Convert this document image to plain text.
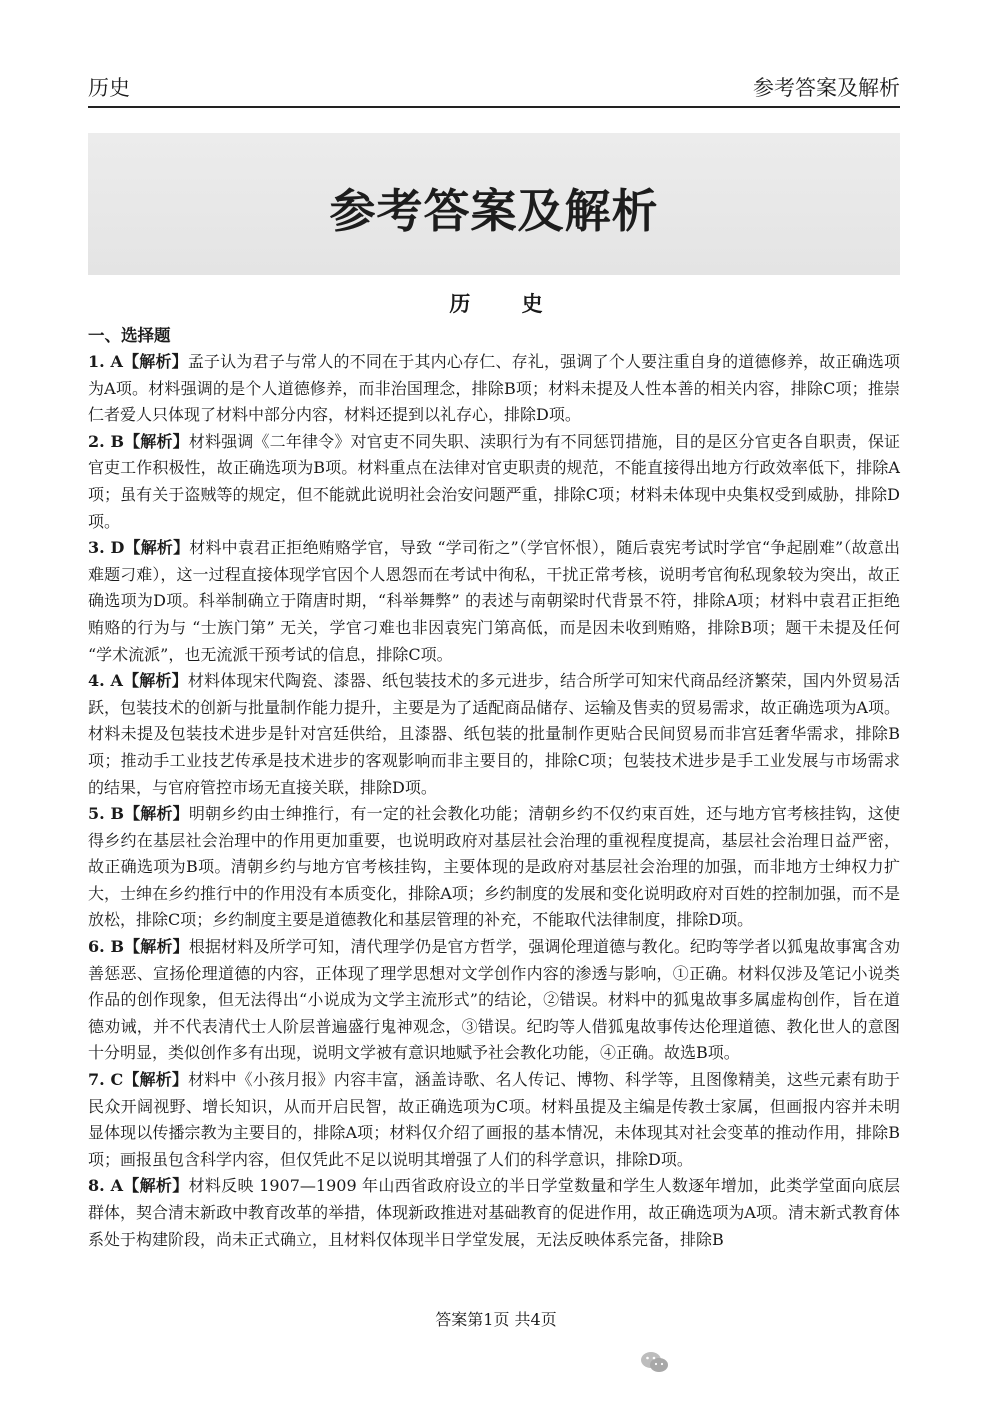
历史	参考答案及解析
参考答案及解析
历 史
一、选择题

1. A【解析】孟子认为君子与常人的不同在于其内心存仁、存礼，强调了个人要注重自身的道德修养，故正确选项为A项。材料强调的是个人道德修养，而非治国理念，排除B项；材料未提及人性本善的相关内容，排除C项；推崇仁者爱人只体现了材料中部分内容，材料还提到以礼存心，排除D项。

2. B【解析】材料强调《二年律令》对官吏不同失职、渎职行为有不同惩罚措施，目的是区分官吏各自职责，保证官吏工作积极性，故正确选项为B项。材料重点在法律对官吏职责的规范，不能直接得出地方行政效率低下，排除A项；虽有关于盗贼等的规定，但不能就此说明社会治安问题严重，排除C项；材料未体现中央集权受到威胁，排除D项。

3. D【解析】材料中袁君正拒绝贿赂学官，导致 “学司衔之”（学官怀恨），随后袁宪考试时学官“争起剧难”（故意出难题刁难），这一过程直接体现学官因个人恩怨而在考试中徇私，干扰正常考核，说明考官徇私现象较为突出，故正确选项为D项。科举制确立于隋唐时期，“科举舞弊” 的表述与南朝梁时代背景不符，排除A项；材料中袁君正拒绝贿赂的行为与 “士族门第” 无关，学官刁难也非因袁宪门第高低，而是因未收到贿赂，排除B项；题干未提及任何 “学术流派”，也无流派干预考试的信息，排除C项。

4. A【解析】材料体现宋代陶瓷、漆器、纸包装技术的多元进步，结合所学可知宋代商品经济繁荣，国内外贸易活跃，包装技术的创新与批量制作能力提升，主要是为了适配商品储存、运输及售卖的贸易需求，故正确选项为A项。材料未提及包装技术进步是针对宫廷供给，且漆器、纸包装的批量制作更贴合民间贸易而非宫廷奢华需求，排除B项；推动手工业技艺传承是技术进步的客观影响而非主要目的，排除C项；包装技术进步是手工业发展与市场需求的结果，与官府管控市场无直接关联，排除D项。

5. B【解析】明朝乡约由士绅推行，有一定的社会教化功能；清朝乡约不仅约束百姓，还与地方官考核挂钩，这使得乡约在基层社会治理中的作用更加重要，也说明政府对基层社会治理的重视程度提高，基层社会治理日益严密，故正确选项为B项。清朝乡约与地方官考核挂钩，主要体现的是政府对基层社会治理的加强，而非地方士绅权力扩大，士绅在乡约推行中的作用没有本质变化，排除A项；乡约制度的发展和变化说明政府对百姓的控制加强，而不是放松，排除C项；乡约制度主要是道德教化和基层管理的补充，不能取代法律制度，排除D项。

6. B【解析】根据材料及所学可知，清代理学仍是官方哲学，强调伦理道德与教化。纪昀等学者以狐鬼故事寓含劝善惩恶、宣扬伦理道德的内容，正体现了理学思想对文学创作内容的渗透与影响，①正确。材料仅涉及笔记小说类作品的创作现象，但无法得出“小说成为文学主流形式”的结论，②错误。材料中的狐鬼故事多属虚构创作，旨在道德劝诫，并不代表清代士人阶层普遍盛行鬼神观念，③错误。纪昀等人借狐鬼故事传达伦理道德、教化世人的意图十分明显，类似创作多有出现，说明文学被有意识地赋予社会教化功能，④正确。故选B项。

7. C【解析】材料中《小孩月报》内容丰富，涵盖诗歌、名人传记、博物、科学等，且图像精美，这些元素有助于民众开阔视野、增长知识，从而开启民智，故正确选项为C项。材料虽提及主编是传教士家属，但画报内容并未明显体现以传播宗教为主要目的，排除A项；材料仅介绍了画报的基本情况，未体现其对社会变革的推动作用，排除B项；画报虽包含科学内容，但仅凭此不足以说明其增强了人们的科学意识，排除D项。

8. A【解析】材料反映 1907—1909 年山西省政府设立的半日学堂数量和学生人数逐年增加，此类学堂面向底层群体，契合清末新政中教育改革的举措，体现新政推进对基础教育的促进作用，故正确选项为A项。清末新式教育体系处于构建阶段，尚未正式确立，且材料仅体现半日学堂发展，无法反映体系完备，排除B

答案第1页 共4页
